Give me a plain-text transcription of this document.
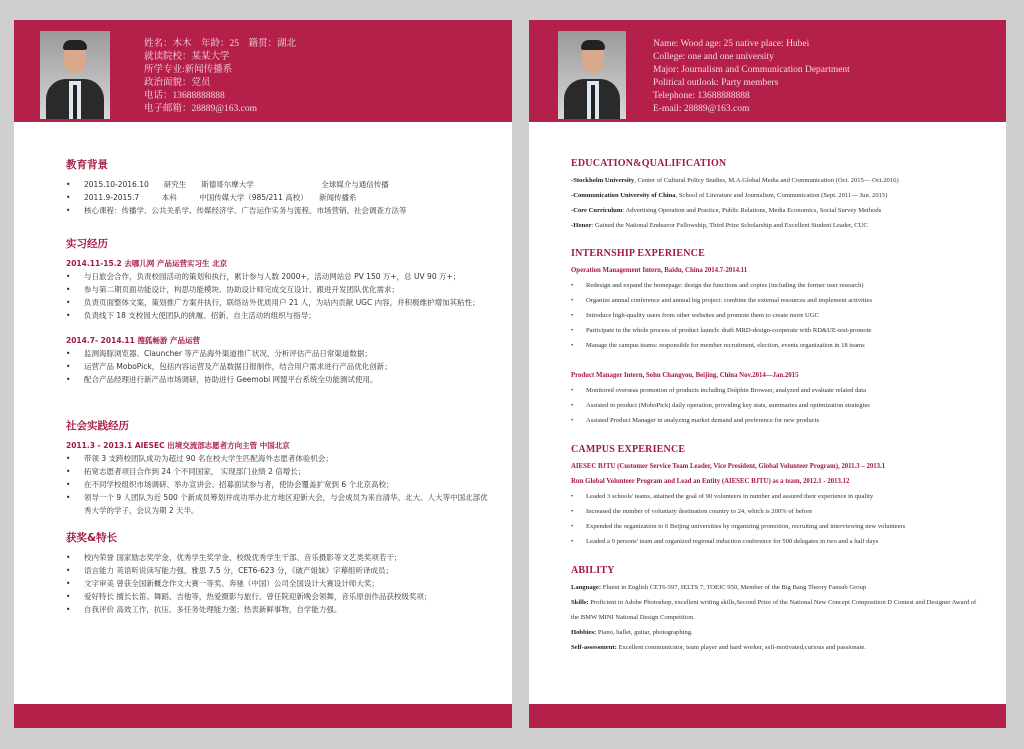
姓名：木木　年龄：25　籍贯：湖北
就读院校：某某大学
所学专业:新闻传播系
政治面貌：党员
电话：13688888888
电子邮箱：28889@163.com
教育背景
• 2015.10-2016.10　　研究生　　斯德哥尔摩大学　　　　　　　　　全球媒介与通信传播
• 2011.9-2015.7　　　本科　　　中国传媒大学（985/211 高校）　　新闻传播系
• 核心课程：传播学、公共关系学、传媒经济学、广告运作实务与流程、市场营销、社会调查方法等
实习经历
2014.11-15.2 去哪儿网 产品运营实习生 北京
• 与日旅会合作，负责校园活动的策划和执行，累计参与人数 2000+，活动网站总 PV 150 万+，总 UV 90 万+；
• 参与第二期页面功能设计，构思功能模块、协助设计师完成交互设计、跟进开发团队优化需求；
• 负责页面整体文案，策划推广方案并执行，联络站外优质用户 21 人，为站内贡献 UGC 内容，并积极维护增加其粘性；
• 负责线下 18 支校园大使团队的挑履、招新、自主活动的组织与指导；
2014.7- 2014.11 搜狐畅游 产品运营
• 监测海豚浏览器、Clauncher 等产品海外渠道推广状况，分析评估产品日常渠道数据；
• 运营产品 MoboPick，包括内容运营及产品数据日报制作，结合用户需求进行产品优化创新；
• 配合产品经理进行新产品市场调研，协助进行 Geemobi 网盟平台系统全功能测试使用。
社会实践经历
2011.3 - 2013.1 AIESEC 出境交流部志愿者方向主管 中国北京
• 带领 3 支跨校团队成功为超过 90 名在校大学生匹配海外志愿者体验机会；
• 拓宽志愿者项目合作到 24 个不同国家， 实现部门业绩 2 倍增长；
• 在不同学校组织市场调研、举办宣讲会、招募面试参与者，使协会覆盖扩宽到 6 个北京高校；
• 领导一个 9 人团队为近 500 个新成员筹划并成功举办北方地区迎新大会，与会成员为来自清华、北大、人大等中国北部优秀大学的学子，会议为期 2 天半。
获奖&特长
• 校内荣誉 国家励志奖学金、优秀学生奖学金、校级优秀学生干部、音乐摄影等文艺类奖项若干；
• 语言能力 英语听说读写能力强，雅思 7.5 分，CET6-623 分，《破产姐妹》字幕组听译成员；
• 文字审美 曾获全国新概念作文大赛一等奖、奔驰（中国）公司全国设计大赛设计师大奖；
• 爱好特长 擅长长笛、舞蹈、吉他等，热爱摄影与旅行。曾任院迎新晚会领舞，音乐原创作品获校级奖项；
• 自我评价 高效工作，抗压、多任务处理能力强；热衷新鲜事物，自学能力强。
Name: Wood age: 25 native place: Hubei
College: one and one university
Major: Journalism and Communication Department
Political outlook: Party members
Telephone: 13688888888
E-mail: 28889@163.com
EDUCATION&QUALIFICATION

-Stockholm University, Center of Cultural Policy Studies, M.A.Global Media and Communication (Oct. 2015— Oct.2016)

-Communication University of China, School of Literature and Journalism, Communication (Sept. 2011— Jun. 2015)

-Core Curriculum: Advertising Operation and Practice, Public Relations, Media Economics, Social Survey Methods

-Honor: Gained the National Endeavor Fellowship, Third Prize Scholarship and Excellent Student Leader, CUC

INTERNSHIP EXPERIENCE
Operation Management Intern, Baidu, China 2014.7-2014.11
• Redesign and expand the homepage: design the functions and copies (including the former user research)
• Organize annual conference and annual big project: combine the external resources and implement activities
• Introduce high-quality users from other websites and promote them to create more UGC
• Participate in the whole process of product launch: draft MRD-design-cooperate with RD&UE-test-promote
• Manage the campus teams: responsible for member recruitment, election, events organization in 18 teams
Product Manager Intern, Sohu Changyou, Beijing, China Nov.2014—Jan.2015
• Monitored overseas promotion of products including Dolphin Browser, analyzed and evaluate related data
• Assisted in product (MoboPick) daily operation, providing key stats, summaries and optimization strategies
• Assisted Product Manager in analyzing market demand and preference for new products
CAMPUS EXPERIENCE
AIESEC BJTU (Customer Service Team Leader, Vice President, Global Volunteer Program), 2011.3 – 2013.1
Run Global Volunteer Program and Lead an Entity (AIESEC BJTU) as a team, 2012.1 - 2013.12
• Leaded 3 schools' teams, attained the goal of 90 volunteers in number and assured their experience in quality
• Increased the number of voluntary destination country to 24, which is 200% of before
• Expended the organization to 6 Beijing universities by organizing promotion, recruiting and interviewing new volunteers
• Leaded a 9 persons' team and organized regional induction conference for 500 delegates in two and a half days
ABILITY

Language: Fluent in English CET6-597, IELTS 7, TOEIC 950, Member of the Big Bang Theory Fansub Group

Skills: Proficient in Adobe Photoshop, excellent writing skills,Second Prize of the National New Concept Composition D Contest and Designer Award of the BMW MINI National Design Competition.

Hobbies: Piano, ballet, guitar, photographing.

Self-assessment: Excellent communicator, team player and hard worker, self-motivated,curious and passionate.
